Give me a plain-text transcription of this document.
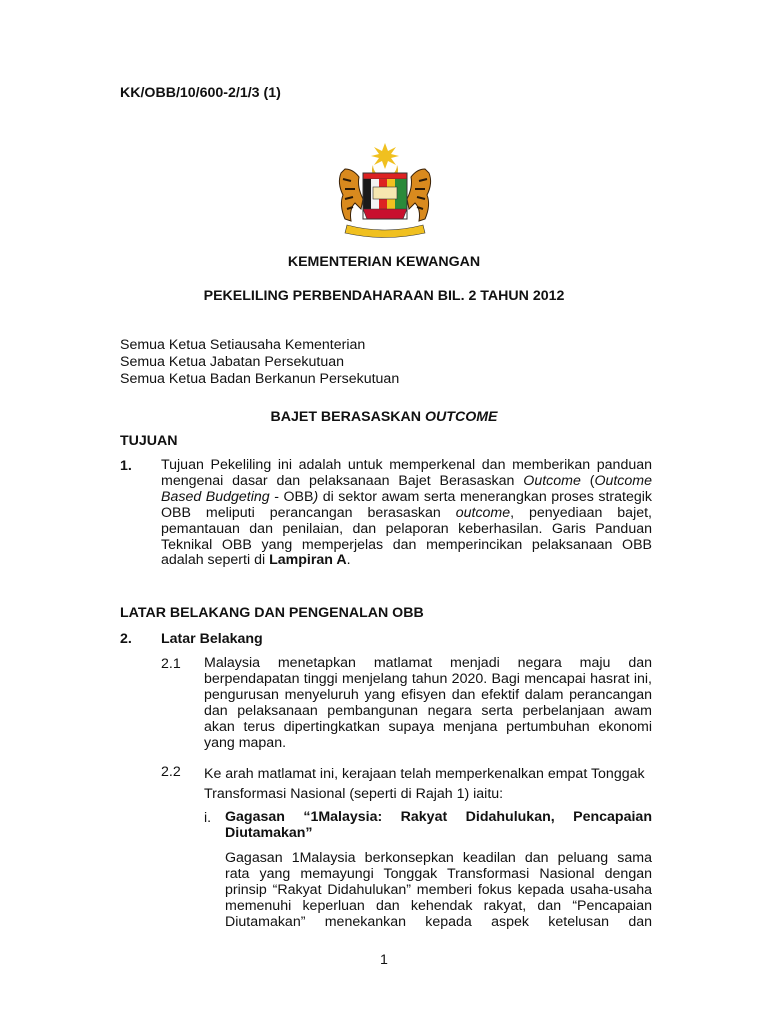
KK/OBB/10/600-2/1/3 (1)
KEMENTERIAN KEWANGAN
PEKELILING PERBENDAHARAAN BIL. 2 TAHUN 2012
Semua Ketua Setiausaha Kementerian
Semua Ketua Jabatan Persekutuan
Semua Ketua Badan Berkanun Persekutuan
BAJET BERASASKAN OUTCOME
TUJUAN
1. Tujuan Pekeliling ini adalah untuk memperkenal dan memberikan panduan
mengenai dasar dan pelaksanaan Bajet Berasaskan Outcome (Outcome
Based Budgeting - OBB) di sektor awam serta menerangkan proses strategik
OBB meliputi perancangan berasaskan outcome, penyediaan bajet,
pemantauan dan penilaian, dan pelaporan keberhasilan. Garis Panduan
Teknikal OBB yang memperjelas dan memperincikan pelaksanaan OBB
adalah seperti di Lampiran A.
LATAR BELAKANG DAN PENGENALAN OBB
2. Latar Belakang
2.1 Malaysia menetapkan matlamat menjadi negara maju dan
berpendapatan tinggi menjelang tahun 2020. Bagi mencapai hasrat ini,
pengurusan menyeluruh yang efisyen dan efektif dalam perancangan
dan pelaksanaan pembangunan negara serta perbelanjaan awam
akan terus dipertingkatkan supaya menjana pertumbuhan ekonomi
yang mapan.
2.2 Ke arah matlamat ini, kerajaan telah memperkenalkan empat Tonggak
Transformasi Nasional (seperti di Rajah 1) iaitu:
i. Gagasan “1Malaysia: Rakyat Didahulukan, Pencapaian
Diutamakan”
Gagasan 1Malaysia berkonsepkan keadilan dan peluang sama
rata yang memayungi Tonggak Transformasi Nasional dengan
prinsip “Rakyat Didahulukan” memberi fokus kepada usaha-usaha
memenuhi keperluan dan kehendak rakyat, dan “Pencapaian
Diutamakan” menekankan kepada aspek ketelusan dan
1
